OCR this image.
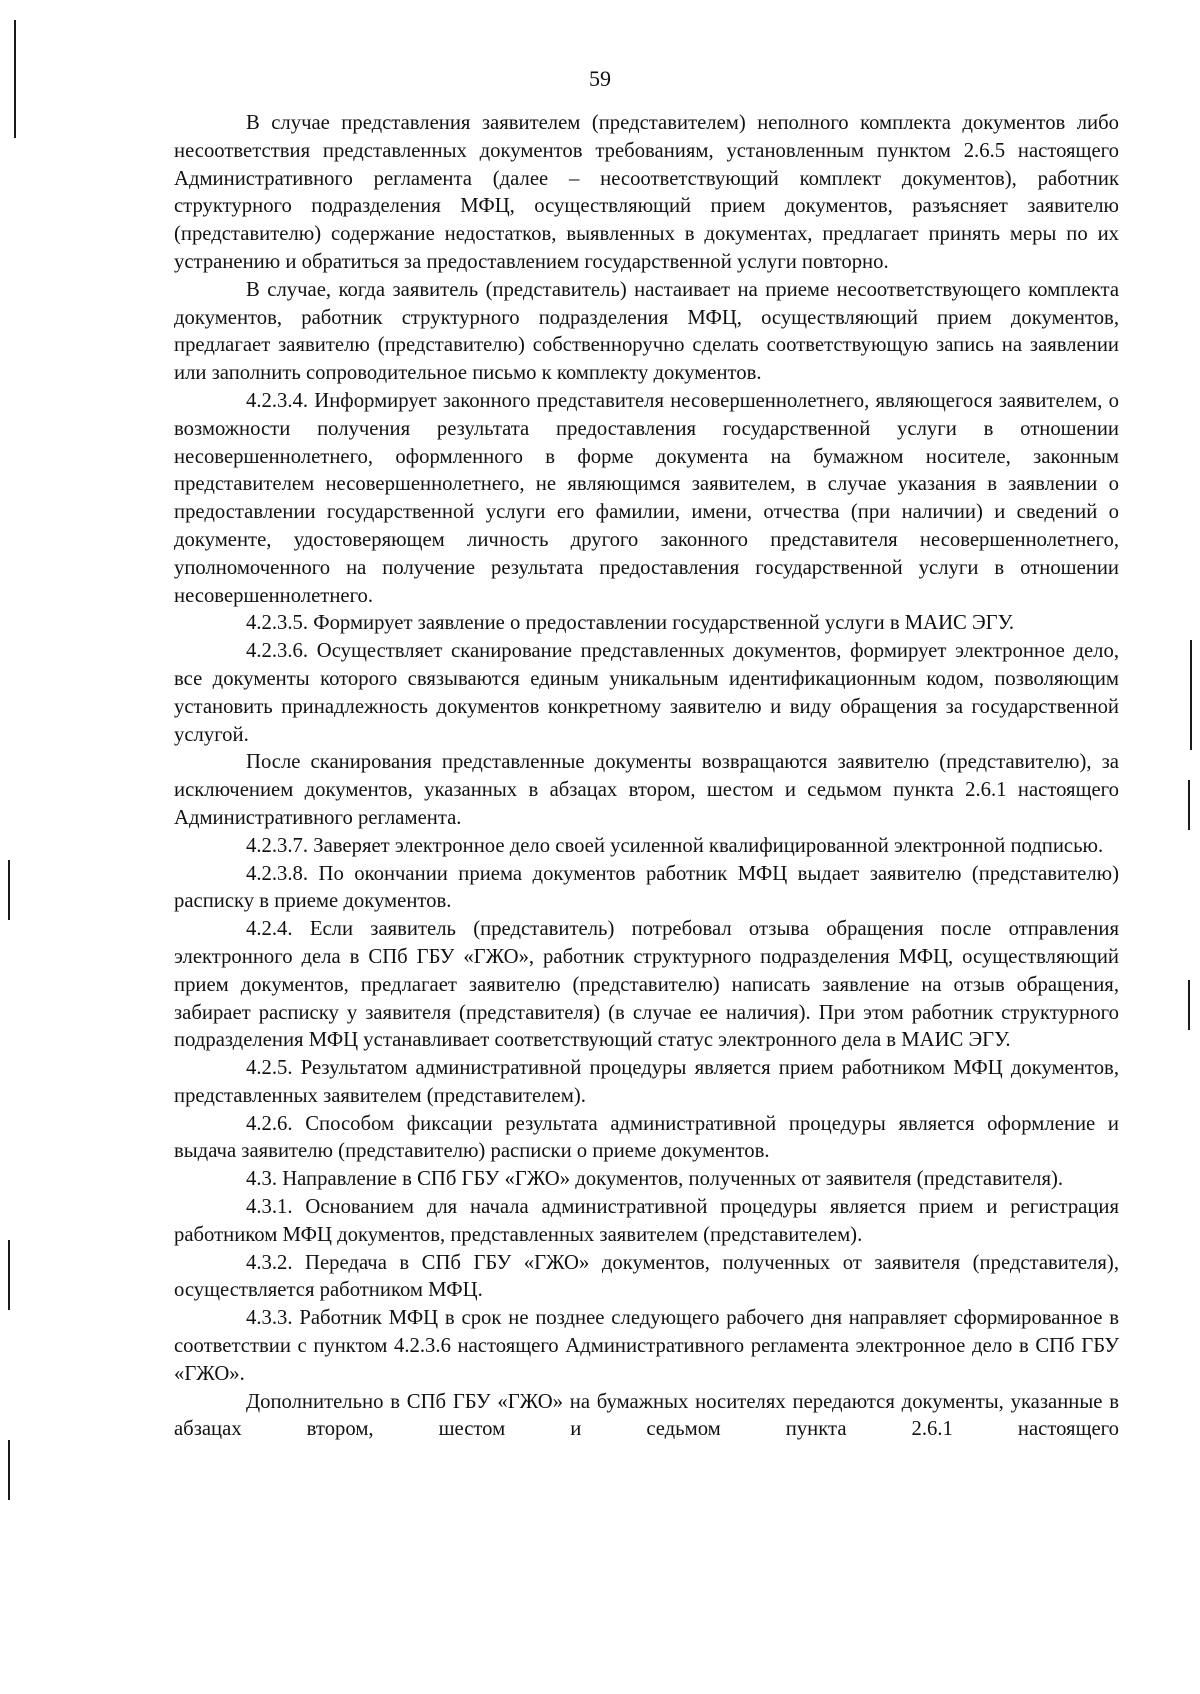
59

В случае представления заявителем (представителем) неполного комплекта документов либо несоответствия представленных документов требованиям, установленным пунктом 2.6.5 настоящего Административного регламента (далее – несоответствующий комплект документов), работник структурного подразделения МФЦ, осуществляющий прием документов, разъясняет заявителю (представителю) содержание недостатков, выявленных в документах, предлагает принять меры по их устранению и обратиться за предоставлением государственной услуги повторно.

В случае, когда заявитель (представитель) настаивает на приеме несоответствующего комплекта документов, работник структурного подразделения МФЦ, осуществляющий прием документов, предлагает заявителю (представителю) собственноручно сделать соответствующую запись на заявлении или заполнить сопроводительное письмо к комплекту документов.

4.2.3.4. Информирует законного представителя несовершеннолетнего, являющегося заявителем, о возможности получения результата предоставления государственной услуги в отношении несовершеннолетнего, оформленного в форме документа на бумажном носителе, законным представителем несовершеннолетнего, не являющимся заявителем, в случае указания в заявлении о предоставлении государственной услуги его фамилии, имени, отчества (при наличии) и сведений о документе, удостоверяющем личность другого законного представителя несовершеннолетнего, уполномоченного на получение результата предоставления государственной услуги в отношении несовершеннолетнего.

4.2.3.5. Формирует заявление о предоставлении государственной услуги в МАИС ЭГУ.

4.2.3.6. Осуществляет сканирование представленных документов, формирует электронное дело, все документы которого связываются единым уникальным идентификационным кодом, позволяющим установить принадлежность документов конкретному заявителю и виду обращения за государственной услугой.

После сканирования представленные документы возвращаются заявителю (представителю), за исключением документов, указанных в абзацах втором, шестом и седьмом пункта 2.6.1 настоящего Административного регламента.

4.2.3.7. Заверяет электронное дело своей усиленной квалифицированной электронной подписью.

4.2.3.8. По окончании приема документов работник МФЦ выдает заявителю (представителю) расписку в приеме документов.

4.2.4. Если заявитель (представитель) потребовал отзыва обращения после отправления электронного дела в СПб ГБУ «ГЖО», работник структурного подразделения МФЦ, осуществляющий прием документов, предлагает заявителю (представителю) написать заявление на отзыв обращения, забирает расписку у заявителя (представителя) (в случае ее наличия). При этом работник структурного подразделения МФЦ устанавливает соответствующий статус электронного дела в МАИС ЭГУ.

4.2.5. Результатом административной процедуры является прием работником МФЦ документов, представленных заявителем (представителем).

4.2.6. Способом фиксации результата административной процедуры является оформление и выдача заявителю (представителю) расписки о приеме документов.

4.3. Направление в СПб ГБУ «ГЖО» документов, полученных от заявителя (представителя).

4.3.1. Основанием для начала административной процедуры является прием и регистрация работником МФЦ документов, представленных заявителем (представителем).

4.3.2. Передача в СПб ГБУ «ГЖО» документов, полученных от заявителя (представителя), осуществляется работником МФЦ.

4.3.3. Работник МФЦ в срок не позднее следующего рабочего дня направляет сформированное в соответствии с пунктом 4.2.3.6 настоящего Административного регламента электронное дело в СПб ГБУ «ГЖО».

Дополнительно в СПб ГБУ «ГЖО» на бумажных носителях передаются документы, указанные в абзацах втором, шестом и седьмом пункта 2.6.1 настоящего
